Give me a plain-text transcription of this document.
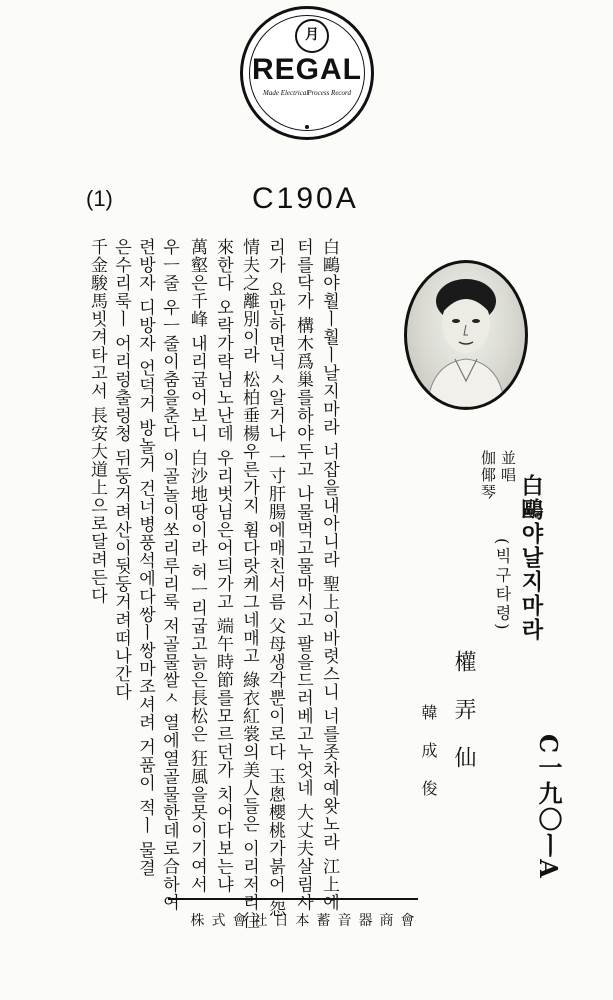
月
REGAL
Made Electrical Process Record
C190A
(1)
千金駿馬빗겨타고서 長安大道上으로달려든다 은수리룩ㅣ 어리렁출렁청 뒤둥거려산이뒷둥거려떠나간다 련방자 디방자 언덕거 방놀거 건너병풍석에다쌍ㅣ쌍마조셔려 거품이 적ㅣ 물결 우ㅡ줄 우ㅡ줄이춤을춘다 이골놀이쏘리루리룩 저골물쌀ㅅ 열에열골물한데로合하여 萬壑은千峰 내리굽어보니 白沙地땅이라 허ㅡ리굽고늙은長松은 狂風을못이기여서 來한다 오락가락님노난데 우리벗님은어듸가고 端午時節를모르던가 치어다보는냐 情夫之離別이라 松柏垂楊우른가지 휨다랏케그네매고 綠衣紅裳의美人들은 이리저리往 리가 요만하면닉ㅅ알거나 一寸肝腸에매친서름 父母생각뿐이로다 玉悤櫻桃가붉어 怨 터를닥가 構木爲巢를하야두고 나물먹고물마시고 팔을드러베고누엇네 大丈夫살림사 白鷗야훨ㅣ훨ㅣ날지마라 너잡을내아니라 聖上이바렷스니 너를좃차예왓노라 江上에	伽倻琴 並唱
白鷗야날지마라
(빅구타령)
權弄仙
韓成俊	C一九〇ㅣA
株式會社日本蓄音器商會
